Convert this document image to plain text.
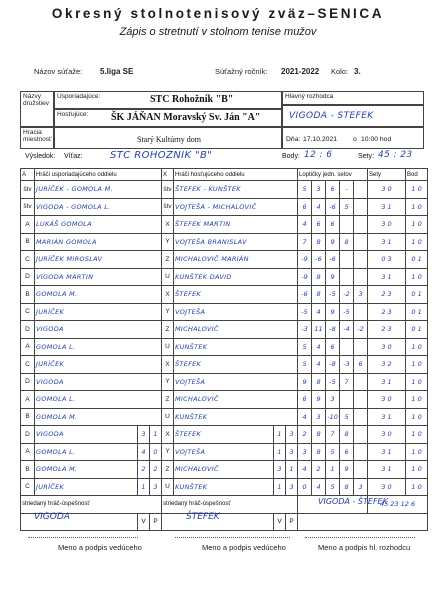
Okresný stolnotenisový zväz–SENICA
Zápis o stretnutí v stolnom tenise mužov
Názov súťaže: 5.liga SE	Súťažný ročník: 2021-2022 Kolo: 3.
Názvy družstiev
Usporiadajúce:	STC Rohožník "B"
Hosťujúce: ŠK JÁŇAN Moravský Sv. Ján "A"
Hlavný rozhodca
VIGODA - ŠTEFEK
Hracia miestnosť	Starý Kultúrny dom	Dňa: 17.10.2021 o 10:00 hod
Výsledok: Víťaz:	STC ROHOŽNÍK "B"	Body: 12 : 6	Sety: 45 : 23
A	Hráči usporiadajúceho oddielu			X	Hráči hosťujúceho oddielu			Loptičky jedn. setov					Sety	Bod
štv	JURÍČEK - GOMOLA M.			štv	ŠTEFEK - KUNŠTEK			5	3	6	-		3 0	1 0
štv	VIGODA - GOMOLA L.			štv	VOJTEŠA - MICHALOVIČ			6	4	-6	5		3 1	1 0
A	LUKÁŠ GOMOLA			X	ŠTEFEK MARTIN			4	6	6			3 0	1 0
B	MARIÁN GOMOLA			Y	VOJTEŠA BRANISLAV			7	8	9	8		3 1	1 0
C	JURÍČEK MIROSLAV			Z	MICHALOVIČ MARIÁN			-9	-6	-6			0 3	0 1
D	VIGODA MARTIN			U	KUNŠTEK DAVID			-9	8	9			3 1	1 0
B	GOMOLA M.			X	ŠTEFEK			-6	8	-5	-2	3	2 3	0 1
C	JURÍČEK			Y	VOJTEŠA			-5	4	9	-5		2 3	0 1
D	VIGODA			Z	MICHALOVIČ			-3	11	-8	-4	-2	2 3	0 1
A	GOMOLA L.			U	KUNŠTEK			5	4	6			3 0	1 0
C	JURÍČEK			X	ŠTEFEK			5	4	-8	-3	6	3 2	1 0
D	VIGODA			Y	VOJTEŠA			9	8	-5	7		3 1	1 0
A	GOMOLA L.			Z	MICHALOVIČ			6	9	3			3 0	1 0
B	GOMOLA M.			U	KUNŠTEK			4	3	-10	5		3 1	1 0
D	VIGODA	3	1	X	ŠTEFEK	1	3	2	8	7	8		3 0	1 0
A	GOMOLA L.	4	0	Y	VOJTEŠA	1	3	3	8	5	6		3 1	1 0
B	GOMOLA M.	2	2	Z	MICHALOVIČ	3	1	4	2	1	9		3 1	1 0
C	JURÍČEK	1	3	U	KUNŠTEK	1	3	0	4	5	8	3	3 0	1 0
striedaný hráč-úspešnosť				striedaný hráč-úspešnosť									45 23 12 6	
		V	P			V	P							
VIGODA	ŠTEFEK
VIGODA - ŠTEFEK
Meno a podpis vedúceho	Meno a podpis vedúceho	Meno a podpis hl. rozhodcu
